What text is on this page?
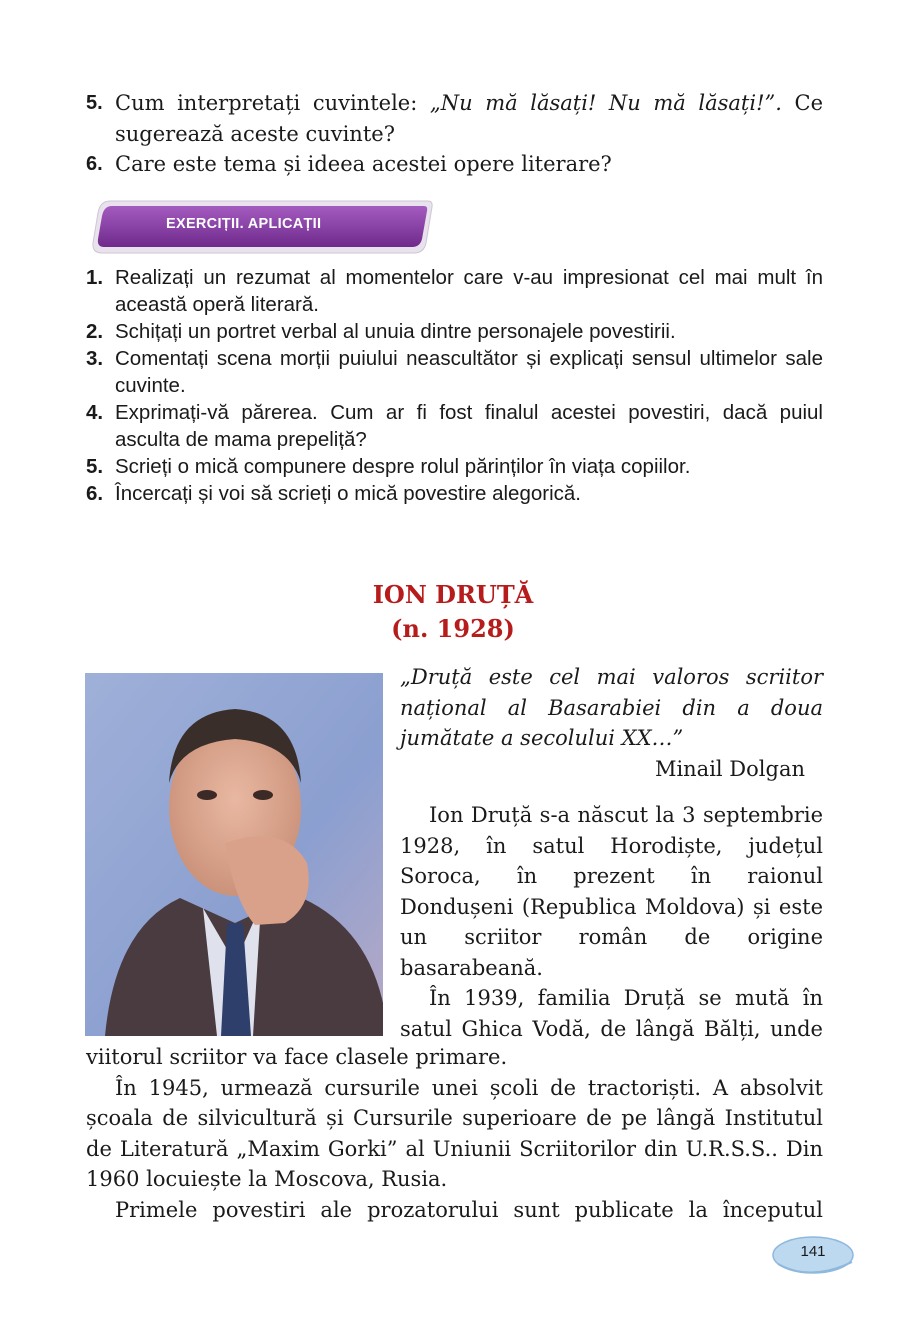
5. Cum interpretați cuvintele: „Nu mă lăsați! Nu mă lăsați!”. Ce sugerează aceste cuvinte?
6. Care este tema și ideea acestei opere literare?
EXERCIȚII. APLICAȚII
1. Realizați un rezumat al momentelor care v-au impresionat cel mai mult în această operă literară.
2. Schițați un portret verbal al unuia dintre personajele povestirii.
3. Comentați scena morții puiului neascultător și explicați sensul ultimelor sale cuvinte.
4. Exprimați-vă părerea. Cum ar fi fost finalul acestei povestiri, dacă puiul asculta de mama prepeliță?
5. Scrieți o mică compunere despre rolul părinților în viața copiilor.
6. Încercați și voi să scrieți o mică povestire alegorică.
ION DRUȚĂ
(n. 1928)
„Druță este cel mai valoros scriitor național al Basarabiei din a doua jumătate a secolului XX…”
Minail Dolgan

Ion Druță s-a născut la 3 septembrie 1928, în satul Horodiște, județul Soroca, în prezent în raionul Dondușeni (Republica Moldova) și este un scriitor român de origine basarabeană.

În 1939, familia Druță se mută în satul Ghica Vodă, de lângă Bălți, unde

viitorul scriitor va face clasele primare.

În 1945, urmează cursurile unei școli de tractoriști. A absolvit școala de silvicultură și Cursurile superioare de pe lângă Institutul de Literatură „Maxim Gorki” al Uniunii Scriitorilor din U.R.S.S.. Din 1960 locuiește la Moscova, Rusia.

Primele povestiri ale prozatorului sunt publicate la începutul

141
